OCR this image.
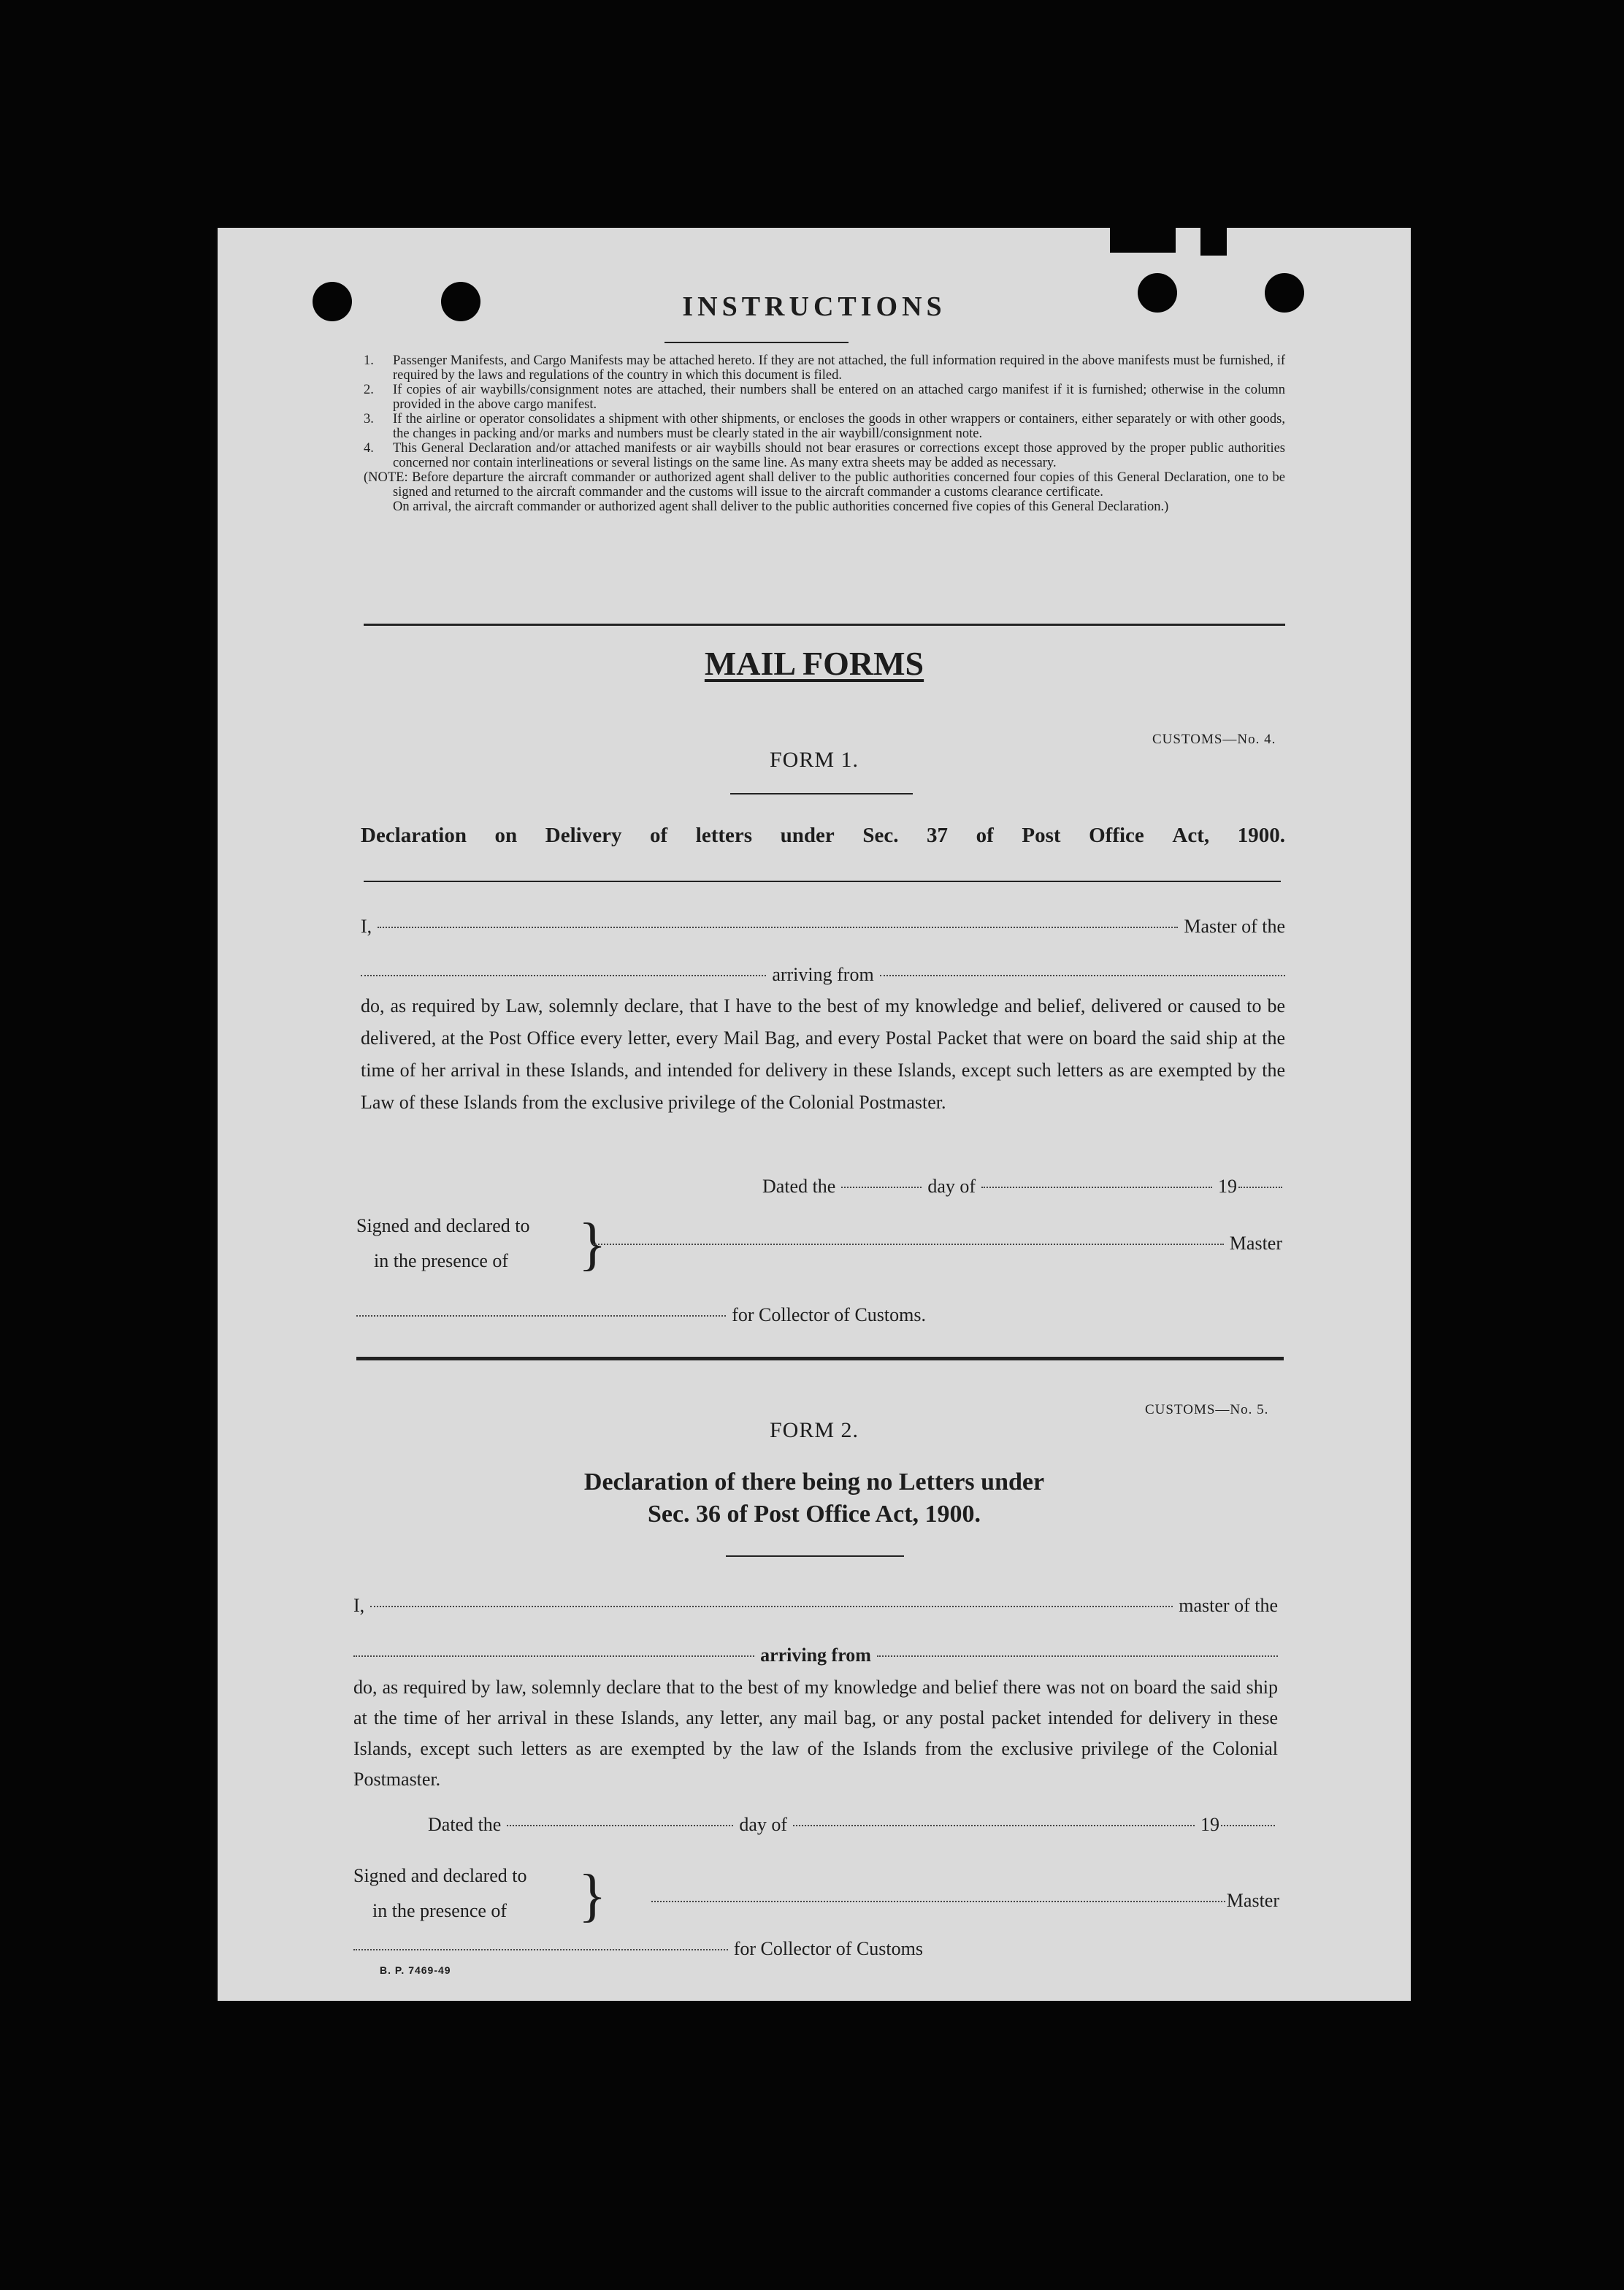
INSTRUCTIONS

1. Passenger Manifests, and Cargo Manifests may be attached hereto. If they are not attached, the full information required in the above manifests must be furnished, if required by the laws and regulations of the country in which this document is filed.

2. If copies of air waybills/consignment notes are attached, their numbers shall be entered on an attached cargo manifest if it is furnished; otherwise in the column provided in the above cargo manifest.

3. If the airline or operator consolidates a shipment with other shipments, or encloses the goods in other wrappers or containers, either separately or with other goods, the changes in packing and/or marks and numbers must be clearly stated in the air waybill/consignment note.

4. This General Declaration and/or attached manifests or air waybills should not bear erasures or corrections except those approved by the proper public authorities concerned nor contain interlineations or several listings on the same line. As many extra sheets may be added as necessary.

(NOTE: Before departure the aircraft commander or authorized agent shall deliver to the public authorities concerned four copies of this General Declaration, one to be signed and returned to the aircraft commander and the customs will issue to the aircraft commander a customs clearance certificate.

On arrival, the aircraft commander or authorized agent shall deliver to the public authorities concerned five copies of this General Declaration.)

MAIL FORMS
CUSTOMS—No. 4.
FORM 1.
Declaration on Delivery of letters under Sec. 37 of Post Office Act, 1900.
I,	Master of the
arriving from
do, as required by Law, solemnly declare, that I have to the best of my knowledge and belief, delivered or caused to be delivered, at the Post Office every letter, every Mail Bag, and every Postal Packet that were on board the said ship at the time of her arrival in these Islands, and intended for delivery in these Islands, except such letters as are exempted by the Law of these Islands from the exclusive privilege of the Colonial Postmaster.
Dated the	day of	19
Signed and declared to
in the presence of }	Master
for Collector of Customs.
CUSTOMS—No. 5.
FORM 2.
Declaration of there being no Letters under
Sec. 36 of Post Office Act, 1900.
I,	master of the
arriving from
do, as required by law, solemnly declare that to the best of my knowledge and belief there was not on board the said ship at the time of her arrival in these Islands, any letter, any mail bag, or any postal packet intended for delivery in these Islands, except such letters as are exempted by the law of the Islands from the exclusive privilege of the Colonial Postmaster.
Dated the	day of	19
Signed and declared to
in the presence of }	Master
for Collector of Customs
B. P. 7469-49
